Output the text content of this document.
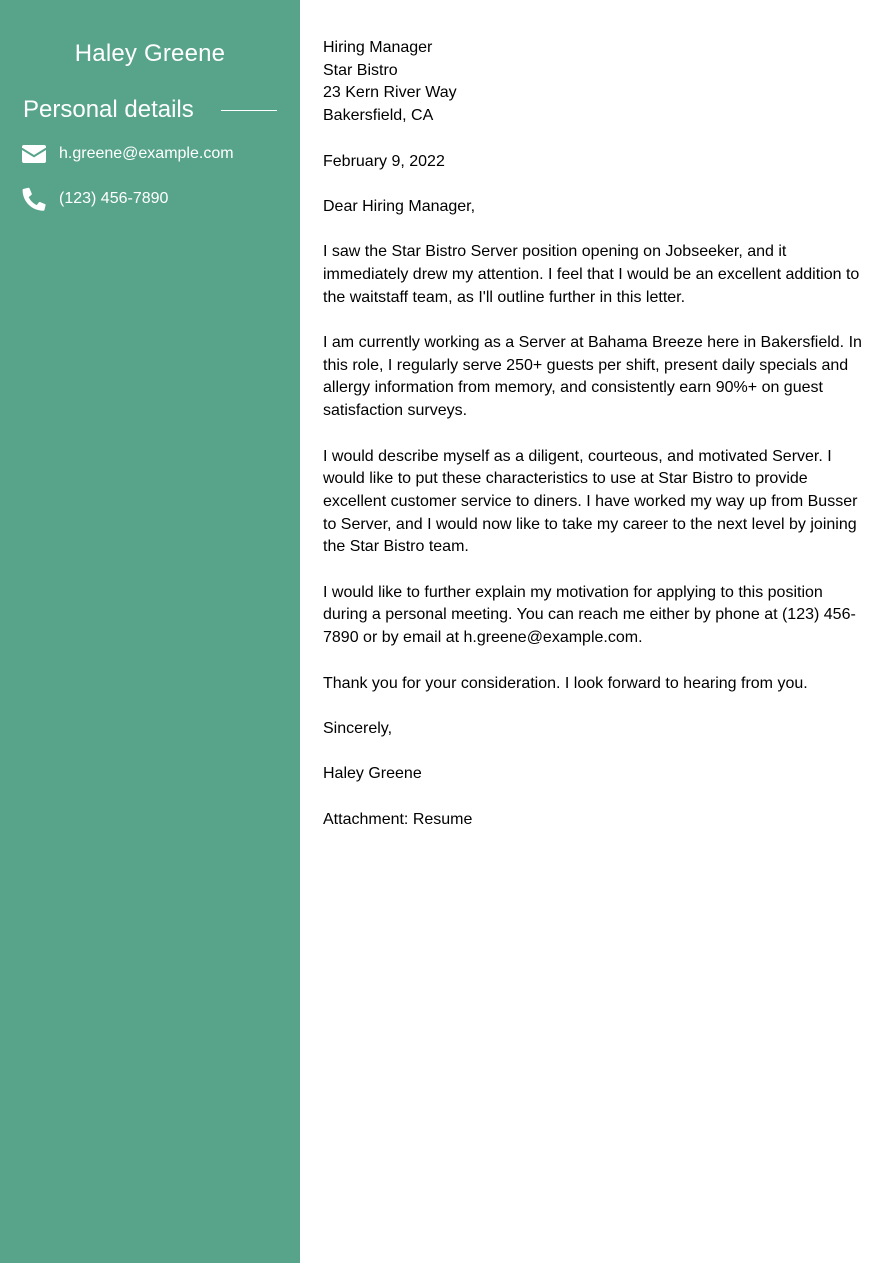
Haley Greene
Personal details
h.greene@example.com
(123) 456-7890

Hiring Manager
Star Bistro
23 Kern River Way
Bakersfield, CA

February 9, 2022

Dear Hiring Manager,

I saw the Star Bistro Server position opening on Jobseeker, and it immediately drew my attention. I feel that I would be an excellent addition to the waitstaff team, as I'll outline further in this letter.

I am currently working as a Server at Bahama Breeze here in Bakersfield. In this role, I regularly serve 250+ guests per shift, present daily specials and allergy information from memory, and consistently earn 90%+ on guest satisfaction surveys.

I would describe myself as a diligent, courteous, and motivated Server. I would like to put these characteristics to use at Star Bistro to provide excellent customer service to diners. I have worked my way up from Busser to Server, and I would now like to take my career to the next level by joining the Star Bistro team.

I would like to further explain my motivation for applying to this position during a personal meeting. You can reach me either by phone at (123) 456-7890 or by email at h.greene@example.com.

Thank you for your consideration. I look forward to hearing from you.

Sincerely,

Haley Greene

Attachment: Resume
